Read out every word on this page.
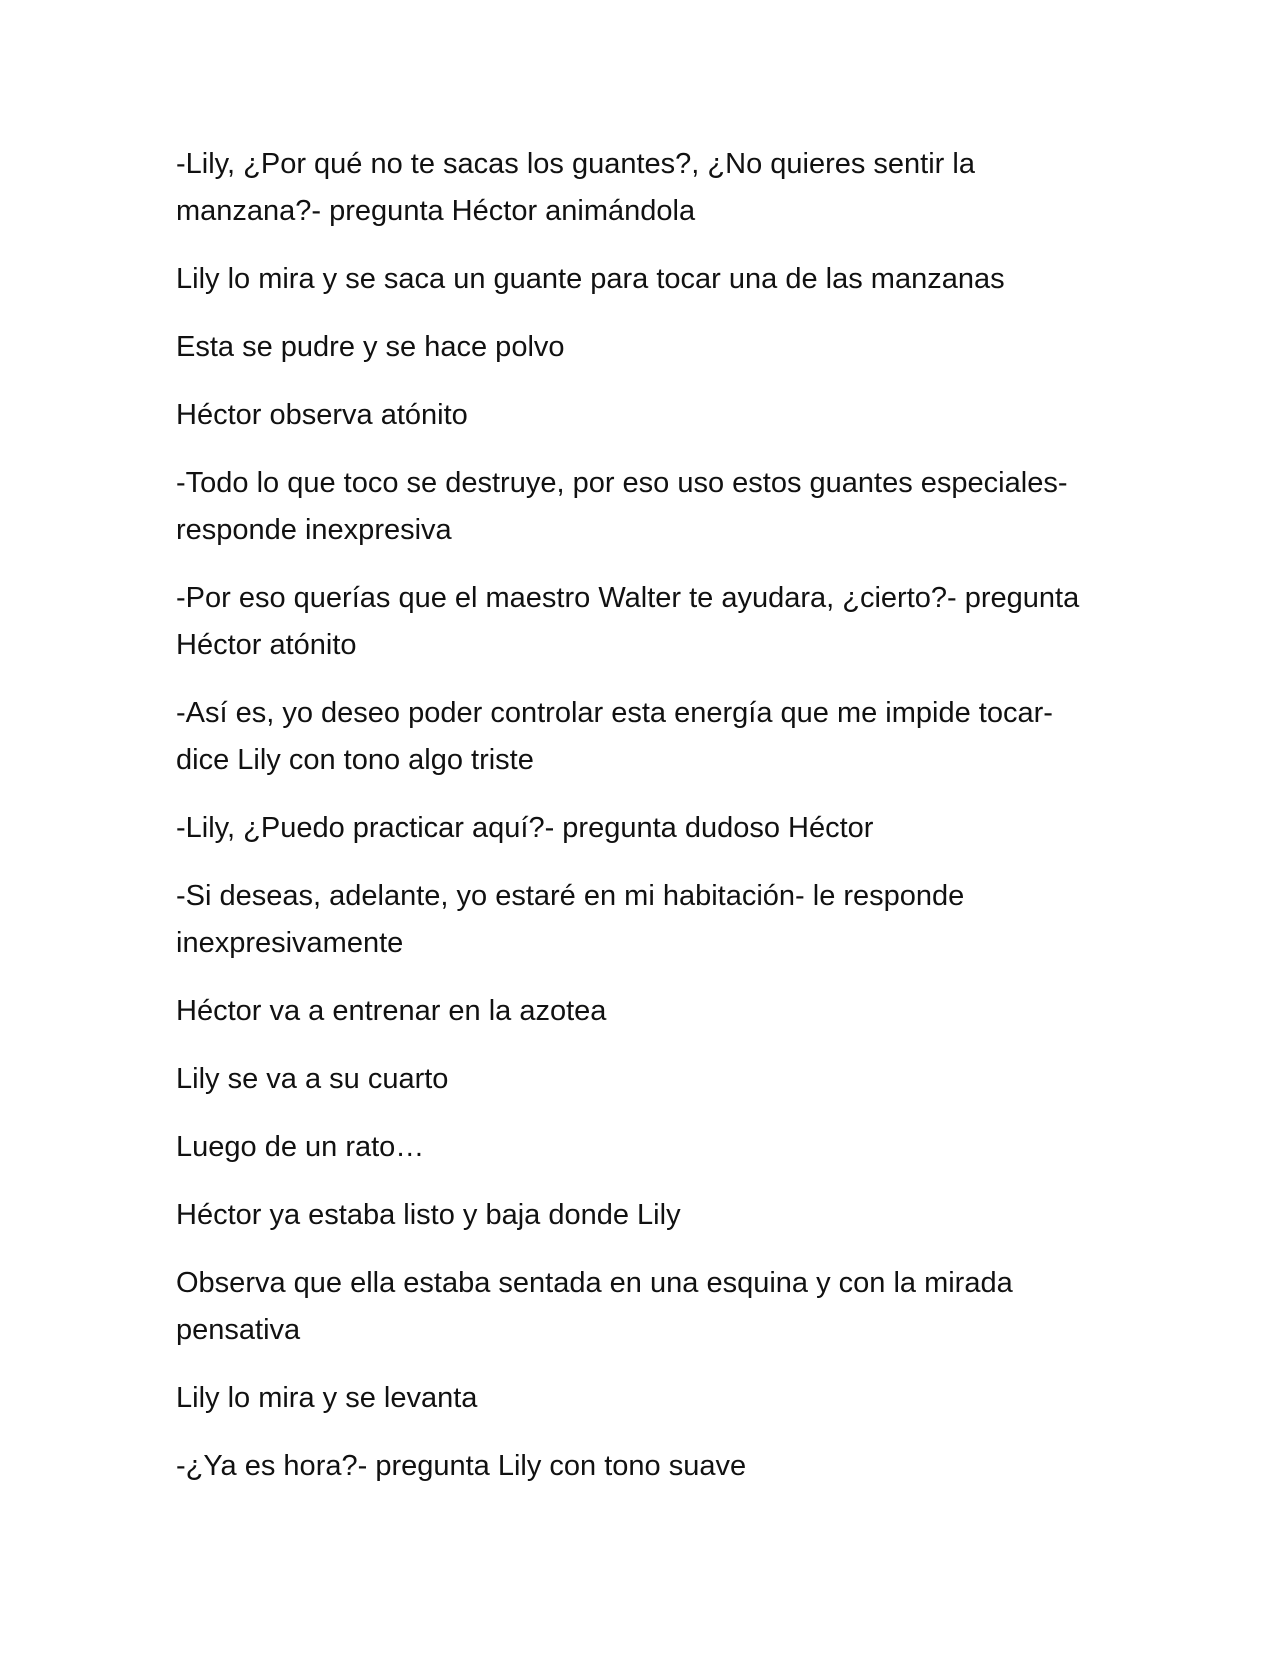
-Lily, ¿Por qué no te sacas los guantes?, ¿No quieres sentir la manzana?- pregunta Héctor animándola

Lily lo mira y se saca un guante para tocar una de las manzanas

Esta se pudre y se hace polvo

Héctor observa atónito

-Todo lo que toco se destruye, por eso uso estos guantes especiales- responde inexpresiva

-Por eso querías que el maestro Walter te ayudara, ¿cierto?- pregunta Héctor atónito

-Así es, yo deseo poder controlar esta energía que me impide tocar- dice Lily con tono algo triste

-Lily, ¿Puedo practicar aquí?- pregunta dudoso Héctor

-Si deseas, adelante, yo estaré en mi habitación- le responde inexpresivamente

Héctor va a entrenar en la azotea

Lily se va a su cuarto

Luego de un rato…

Héctor ya estaba listo y baja donde Lily

Observa que ella estaba sentada en una esquina y con la mirada pensativa

Lily lo mira y se levanta

-¿Ya es hora?- pregunta Lily con tono suave
